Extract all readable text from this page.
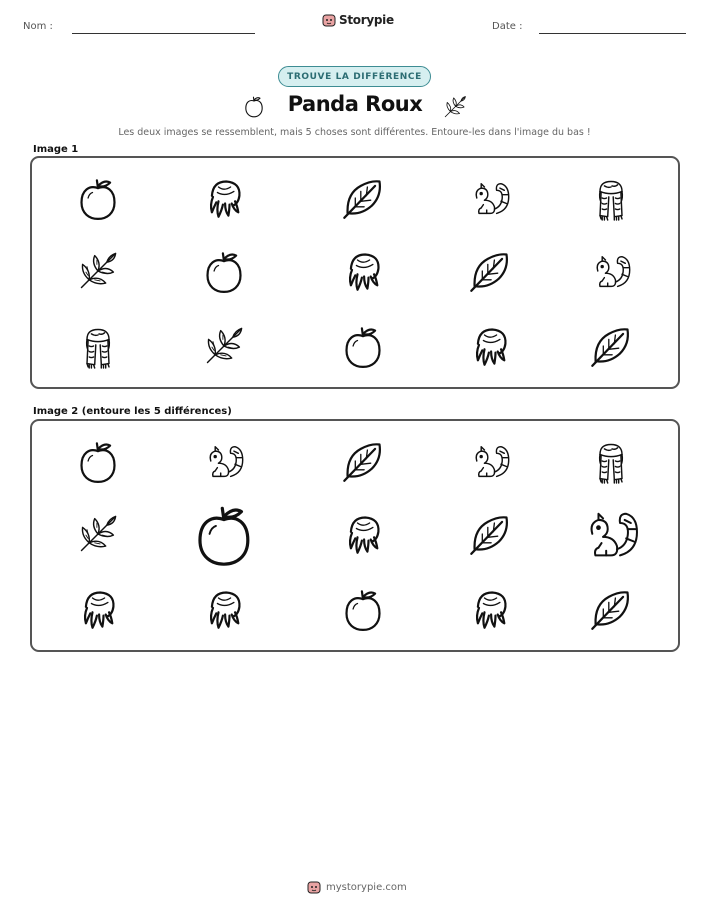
Nom :	Storypie	Date :
TROUVE LA DIFFÉRENCE
Panda Roux
Les deux images se ressemblent, mais 5 choses sont différentes. Entoure-les dans l'image du bas !
Image 1
Image 2 (entoure les 5 différences)
mystorypie.com
